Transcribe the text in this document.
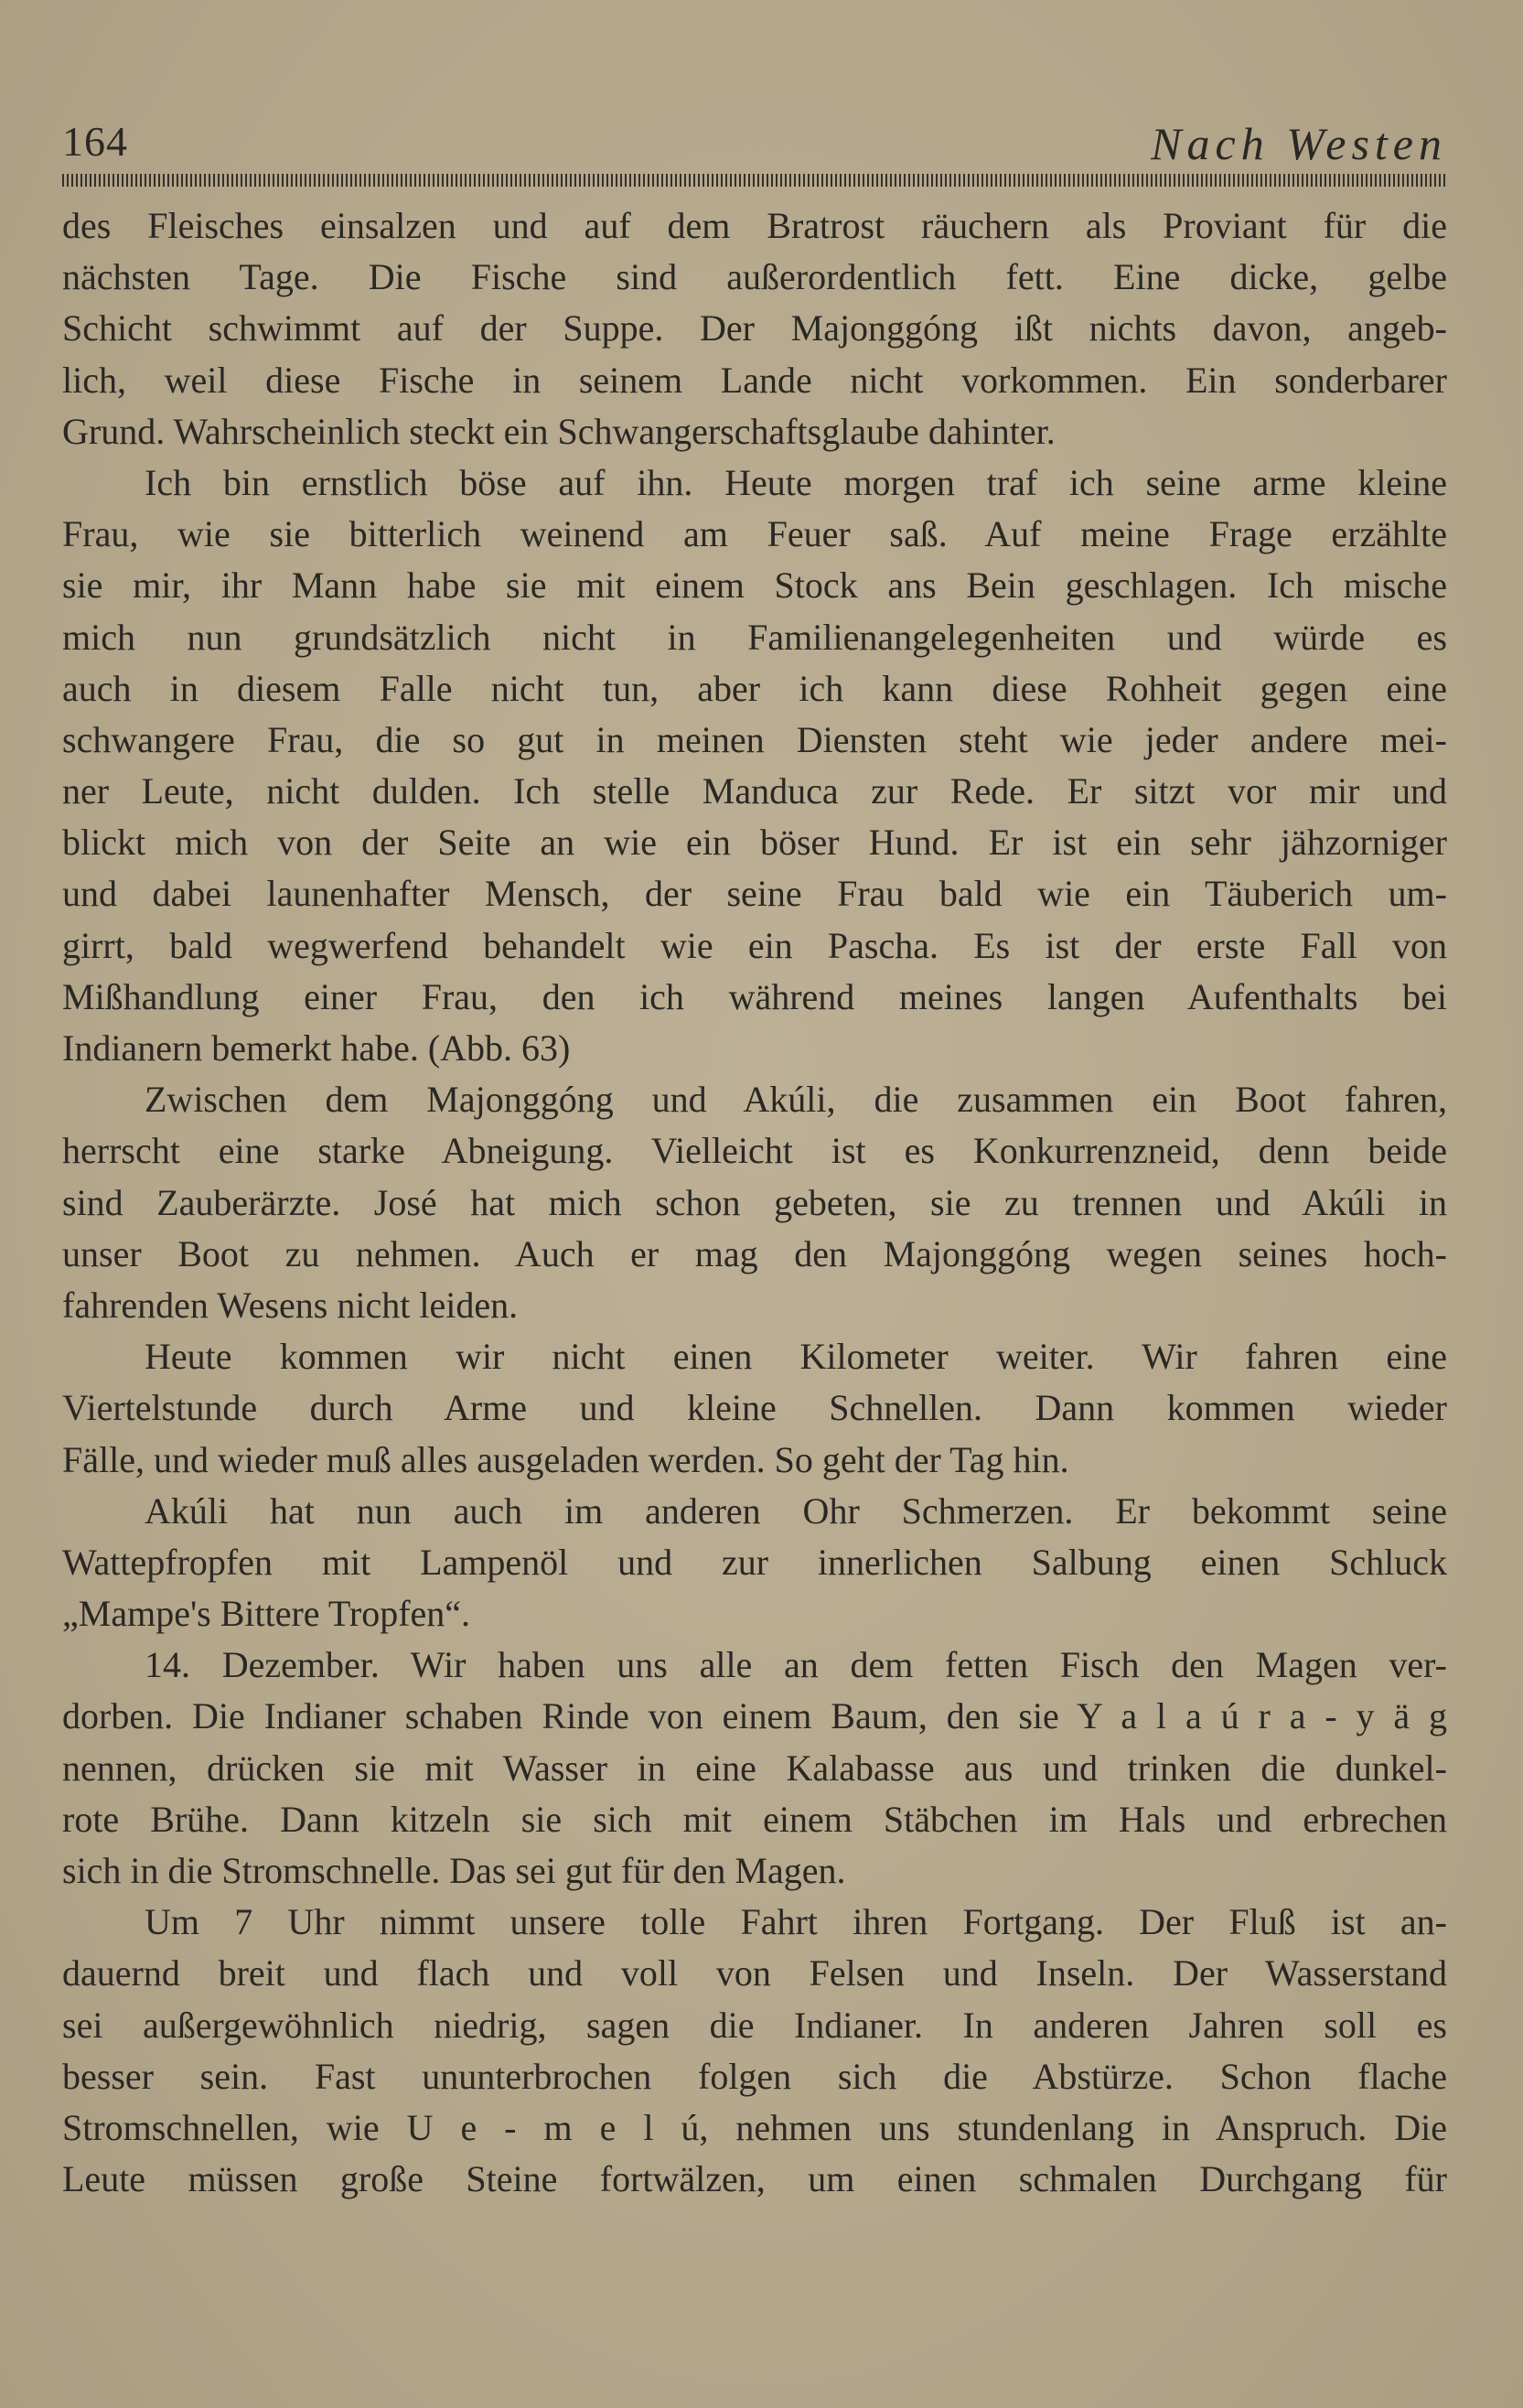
164	Nach Westen
des Fleisches einsalzen und auf dem Bratrost räuchern als Proviant für die
nächsten Tage. Die Fische sind außerordentlich fett. Eine dicke, gelbe
Schicht schwimmt auf der Suppe. Der Majonggóng ißt nichts davon, angeb-
lich, weil diese Fische in seinem Lande nicht vorkommen. Ein sonderbarer
Grund. Wahrscheinlich steckt ein Schwangerschaftsglaube dahinter.
Ich bin ernstlich böse auf ihn. Heute morgen traf ich seine arme kleine
Frau, wie sie bitterlich weinend am Feuer saß. Auf meine Frage erzählte
sie mir, ihr Mann habe sie mit einem Stock ans Bein geschlagen. Ich mische
mich nun grundsätzlich nicht in Familienangelegenheiten und würde es
auch in diesem Falle nicht tun, aber ich kann diese Rohheit gegen eine
schwangere Frau, die so gut in meinen Diensten steht wie jeder andere mei-
ner Leute, nicht dulden. Ich stelle Manduca zur Rede. Er sitzt vor mir und
blickt mich von der Seite an wie ein böser Hund. Er ist ein sehr jähzorniger
und dabei launenhafter Mensch, der seine Frau bald wie ein Täuberich um-
girrt, bald wegwerfend behandelt wie ein Pascha. Es ist der erste Fall von
Mißhandlung einer Frau, den ich während meines langen Aufenthalts bei
Indianern bemerkt habe. (Abb. 63)
Zwischen dem Majonggóng und Akúli, die zusammen ein Boot fahren,
herrscht eine starke Abneigung. Vielleicht ist es Konkurrenzneid, denn beide
sind Zauberärzte. José hat mich schon gebeten, sie zu trennen und Akúli in
unser Boot zu nehmen. Auch er mag den Majonggóng wegen seines hoch-
fahrenden Wesens nicht leiden.
Heute kommen wir nicht einen Kilometer weiter. Wir fahren eine
Viertelstunde durch Arme und kleine Schnellen. Dann kommen wieder
Fälle, und wieder muß alles ausgeladen werden. So geht der Tag hin.
Akúli hat nun auch im anderen Ohr Schmerzen. Er bekommt seine
Wattepfropfen mit Lampenöl und zur innerlichen Salbung einen Schluck
„Mampe's Bittere Tropfen“.
14. Dezember. Wir haben uns alle an dem fetten Fisch den Magen ver-
dorben. Die Indianer schaben Rinde von einem Baum, den sie Y a l a ú r a - y ä g
nennen, drücken sie mit Wasser in eine Kalabasse aus und trinken die dunkel-
rote Brühe. Dann kitzeln sie sich mit einem Stäbchen im Hals und erbrechen
sich in die Stromschnelle. Das sei gut für den Magen.
Um 7 Uhr nimmt unsere tolle Fahrt ihren Fortgang. Der Fluß ist an-
dauernd breit und flach und voll von Felsen und Inseln. Der Wasserstand
sei außergewöhnlich niedrig, sagen die Indianer. In anderen Jahren soll es
besser sein. Fast ununterbrochen folgen sich die Abstürze. Schon flache
Stromschnellen, wie U e - m e l ú, nehmen uns stundenlang in Anspruch. Die
Leute müssen große Steine fortwälzen, um einen schmalen Durchgang für
